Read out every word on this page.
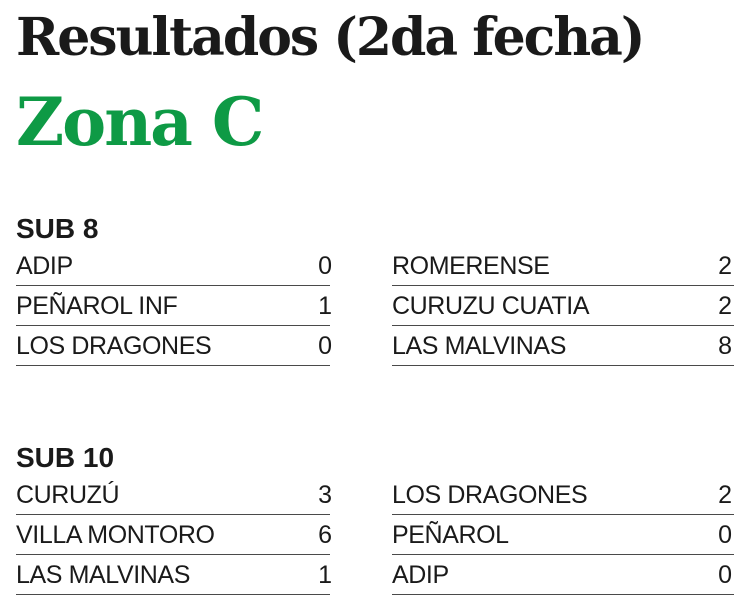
Resultados (2da fecha)
Zona C
SUB 8
ADIP	0 ROMERENSE	2
PEÑAROL INF	1 CURUZU CUATIA	2
LOS DRAGONES	0 LAS MALVINAS	8
SUB 10
CURUZÚ	3 LOS DRAGONES	2
VILLA MONTORO	6 PEÑAROL	0
LAS MALVINAS	1 ADIP	0
